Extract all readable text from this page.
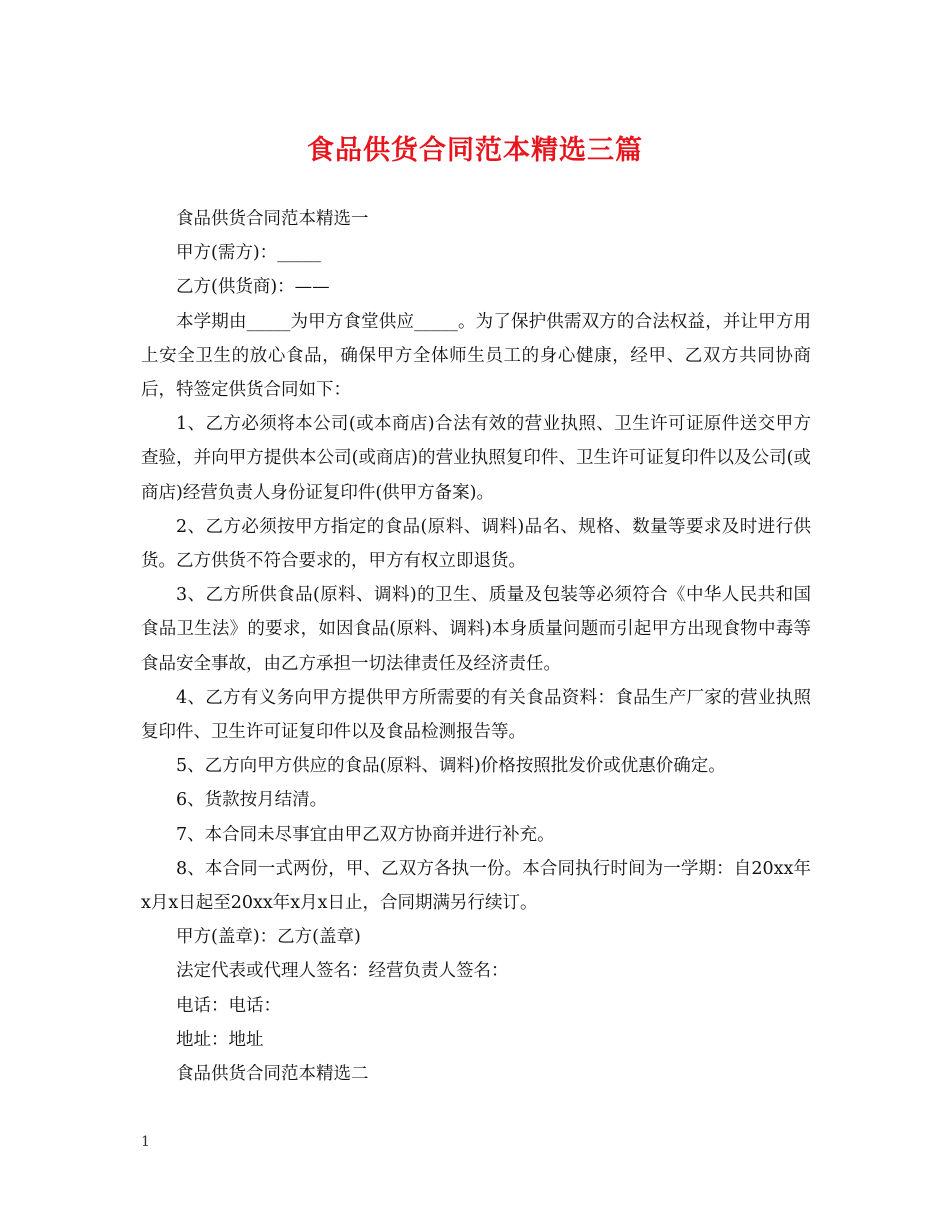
食品供货合同范本精选三篇

食品供货合同范本精选一

甲方(需方)：_____

乙方(供货商)：——

本学期由_____为甲方食堂供应_____。为了保护供需双方的合法权益，并让甲方用上安全卫生的放心食品，确保甲方全体师生员工的身心健康，经甲、乙双方共同协商后，特签定供货合同如下：

1、乙方必须将本公司(或本商店)合法有效的营业执照、卫生许可证原件送交甲方查验，并向甲方提供本公司(或商店)的营业执照复印件、卫生许可证复印件以及公司(或商店)经营负责人身份证复印件(供甲方备案)。

2、乙方必须按甲方指定的食品(原料、调料)品名、规格、数量等要求及时进行供货。乙方供货不符合要求的，甲方有权立即退货。

3、乙方所供食品(原料、调料)的卫生、质量及包装等必须符合《中华人民共和国食品卫生法》的要求，如因食品(原料、调料)本身质量问题而引起甲方出现食物中毒等食品安全事故，由乙方承担一切法律责任及经济责任。

4、乙方有义务向甲方提供甲方所需要的有关食品资料：食品生产厂家的营业执照复印件、卫生许可证复印件以及食品检测报告等。

5、乙方向甲方供应的食品(原料、调料)价格按照批发价或优惠价确定。

6、货款按月结清。

7、本合同未尽事宜由甲乙双方协商并进行补充。

8、本合同一式两份，甲、乙双方各执一份。本合同执行时间为一学期：自20xx年x月x日起至20xx年x月x日止，合同期满另行续订。

甲方(盖章)：乙方(盖章)

法定代表或代理人签名：经营负责人签名：

电话：电话：

地址：地址

食品供货合同范本精选二

1
